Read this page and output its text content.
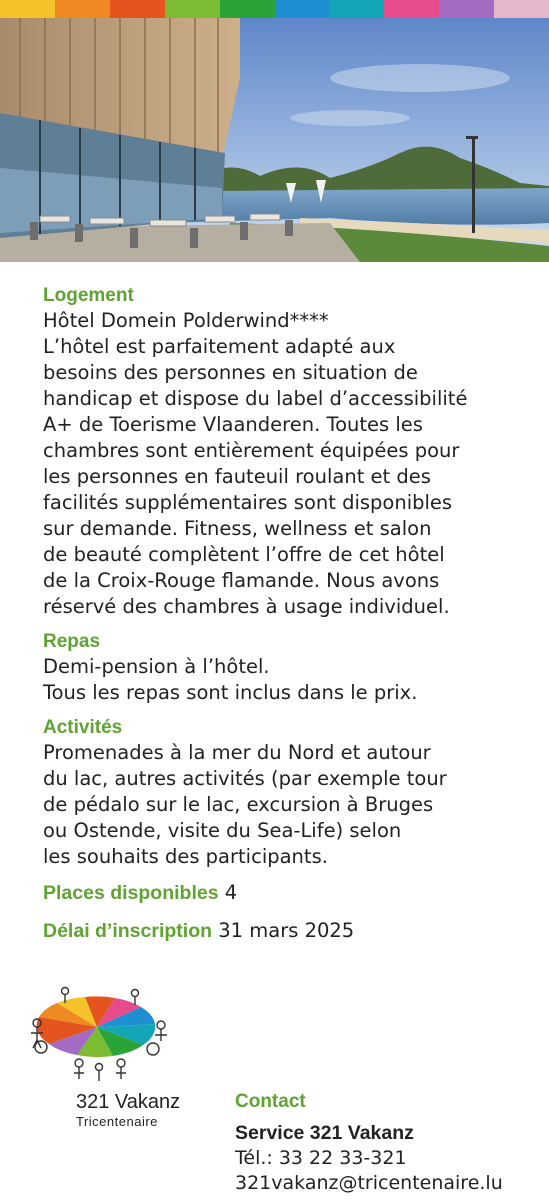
Logement

Hôtel Domein Polderwind****

L’hôtel est parfaitement adapté aux

besoins des personnes en situation de

handicap et dispose du label d’accessibilité

A+ de Toerisme Vlaanderen. Toutes les

chambres sont entièrement équipées pour

les personnes en fauteuil roulant et des

facilités supplémentaires sont disponibles

sur demande. Fitness, wellness et salon

de beauté complètent l’offre de cet hôtel

de la Croix-Rouge flamande. Nous avons

réservé des chambres à usage individuel.

Repas

Demi-pension à l’hôtel.

Tous les repas sont inclus dans le prix.

Activités

Promenades à la mer du Nord et autour

du lac, autres activités (par exemple tour

de pédalo sur le lac, excursion à Bruges

ou Ostende, visite du Sea-Life) selon

les souhaits des participants.

Places disponibles 4
Délai d’inscription 31 mars 2025
321 Vakanz
Tricentenaire
Contact
Service 321 Vakanz
Tél.: 33 22 33-321
321vakanz@tricentenaire.lu
